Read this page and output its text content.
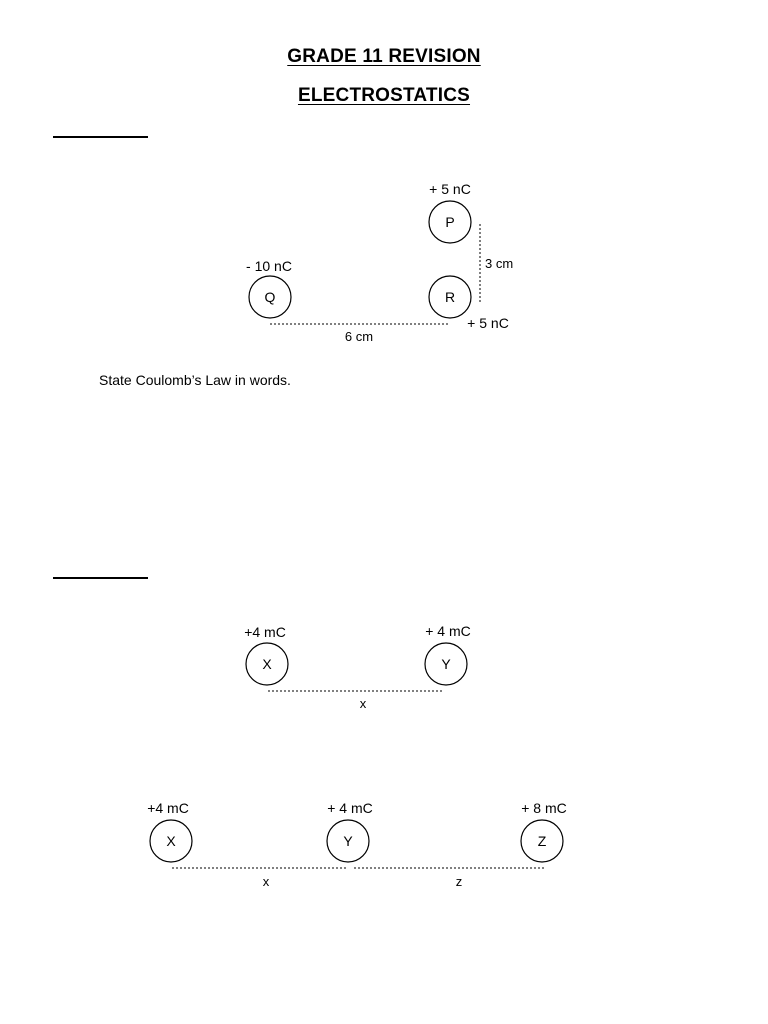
GRADE 11 REVISION
ELECTROSTATICS
+ 5 nC
P
3 cm
- 10 nC
Q	R
+ 5 nC
6 cm
State Coulomb’s Law in words.
+4 mC
X
+ 4 mC
Y
x
+4 mC
X
+ 4 mC
Y
+ 8 mC
Z
x	z
